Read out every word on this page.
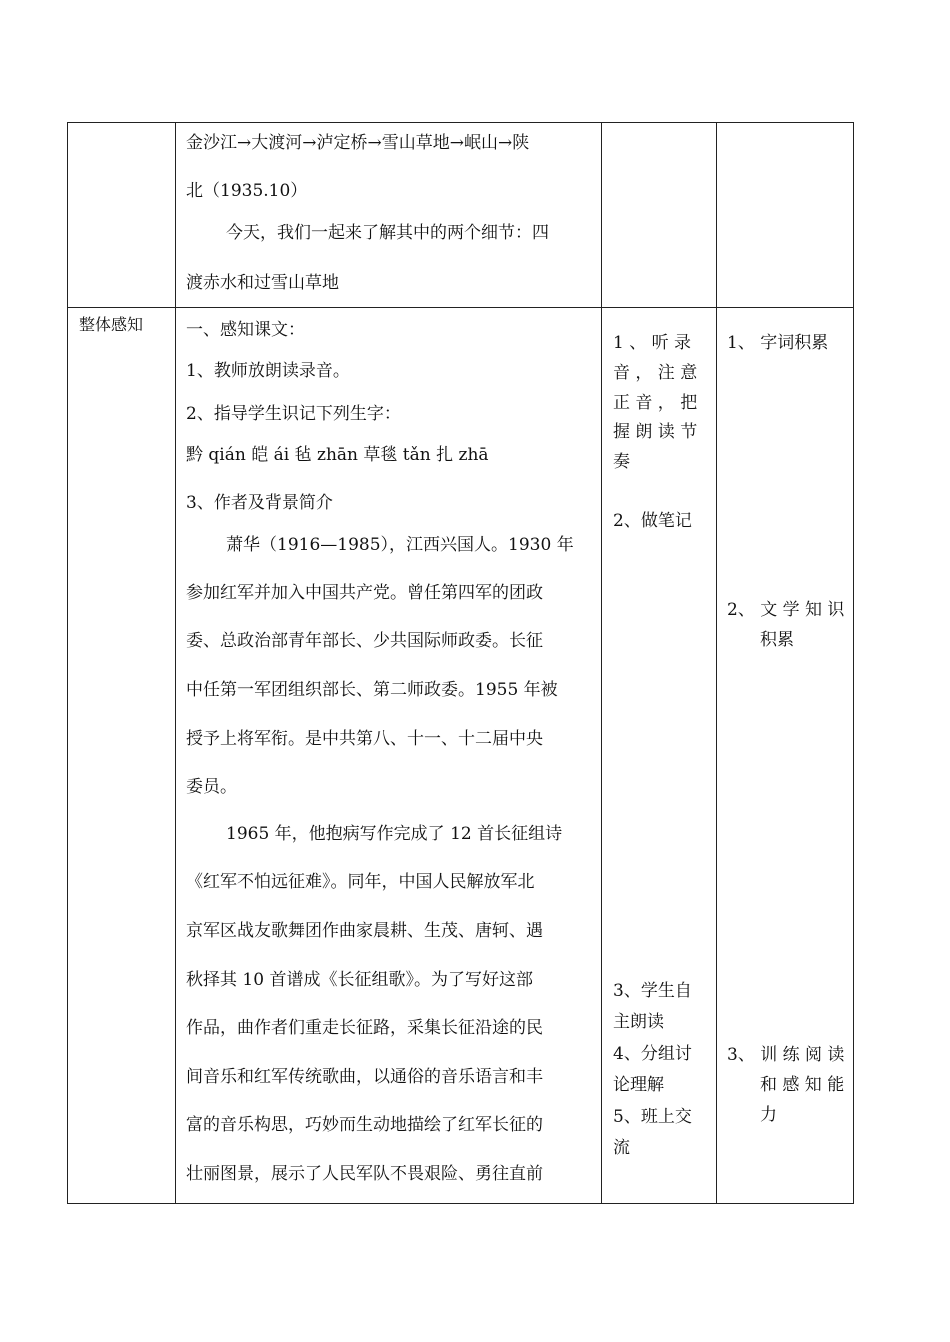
金沙江→大渡河→泸定桥→雪山草地→岷山→陕
北（1935.10）
今天，我们一起来了解其中的两个细节：四
渡赤水和过雪山草地
整体感知	一、感知课文：
1、教师放朗读录音。
2、指导学生识记下列生字：
黔 qián 皑 ái 毡 zhān 草毯 tǎn 扎 zhā
3、作者及背景简介
萧华（1916—1985），江西兴国人。1930 年
参加红军并加入中国共产党。曾任第四军的团政
委、总政治部青年部长、少共国际师政委。长征
中任第一军团组织部长、第二师政委。1955 年被
授予上将军衔。是中共第八、十一、十二届中央
委员。
1965 年，他抱病写作完成了 12 首长征组诗
《红军不怕远征难》。同年，中国人民解放军北
京军区战友歌舞团作曲家晨耕、生茂、唐轲、遇
秋择其 10 首谱成《长征组歌》。为了写好这部
作品，曲作者们重走长征路，采集长征沿途的民
间音乐和红军传统歌曲，以通俗的音乐语言和丰
富的音乐构思，巧妙而生动地描绘了红军长征的
壮丽图景，展示了人民军队不畏艰险、勇往直前
1 、 听 录
音 ， 注 意
正 音 ， 把
握 朗 读 节
奏
2、做笔记
3、学生自
主朗读
4、分组讨
论理解
5、班上交
流
1、 字词积累
2、 文 学 知 识
积累
3、 训 练 阅 读
和 感 知 能
力
